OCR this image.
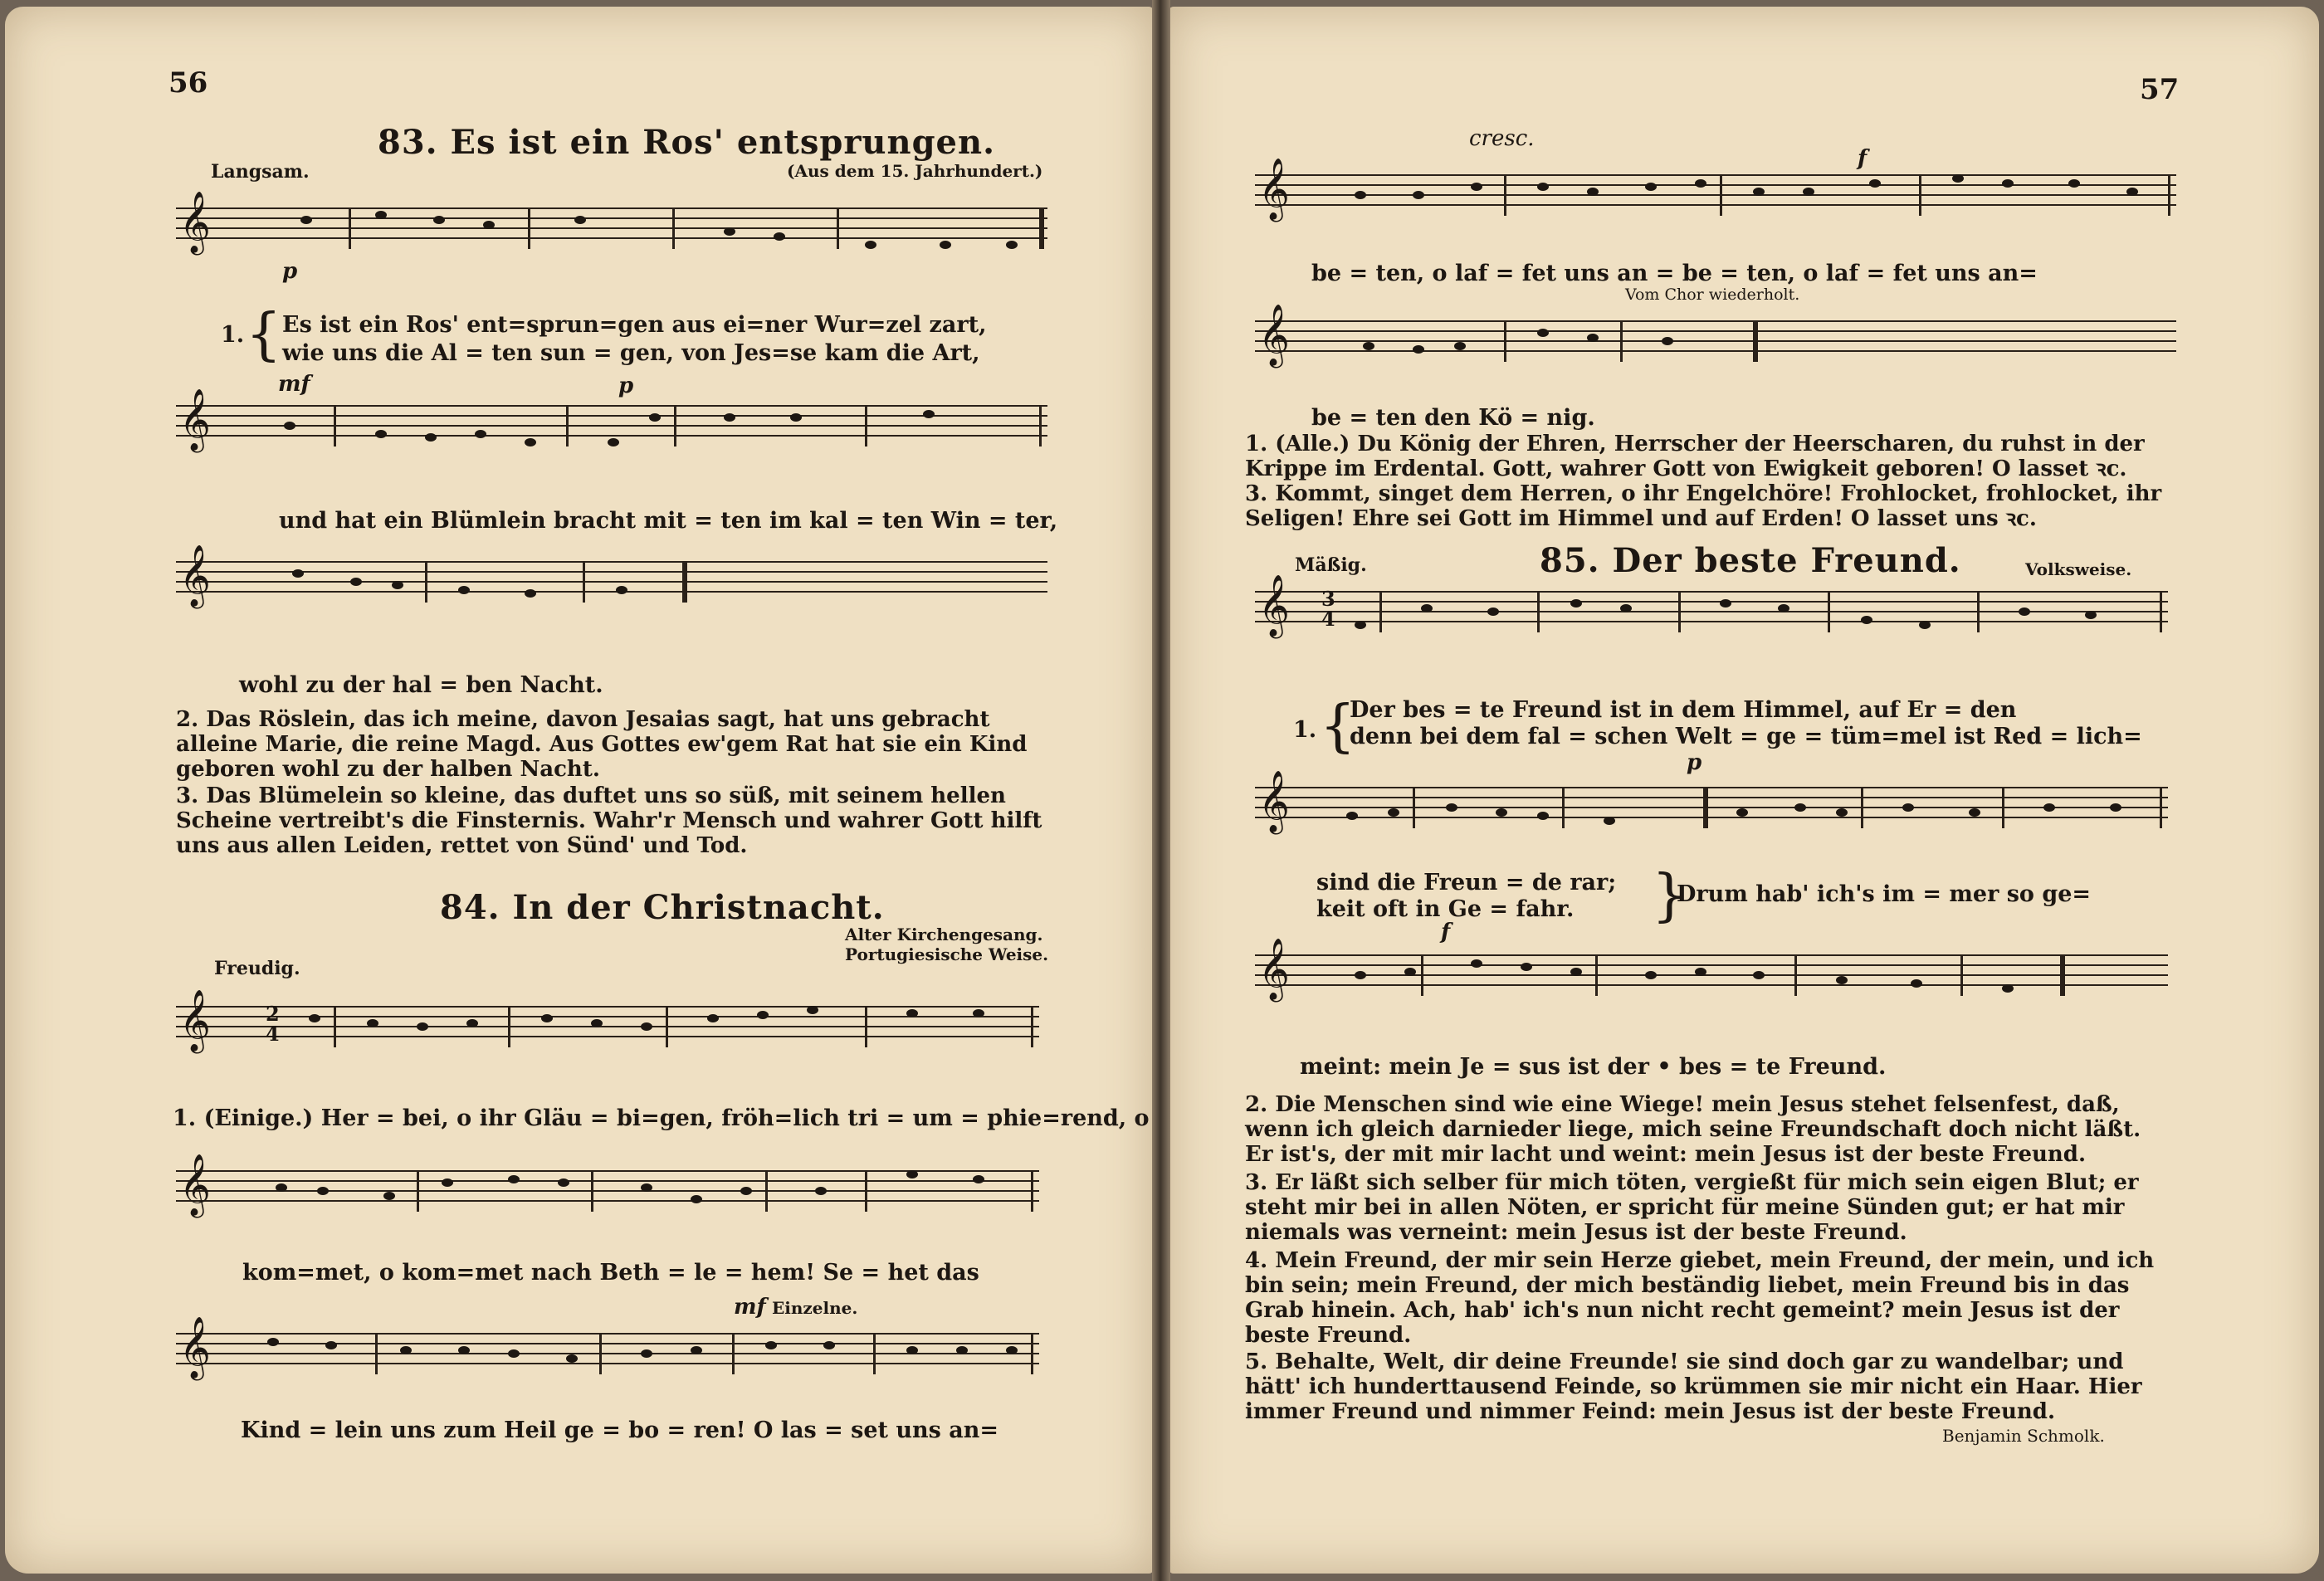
56
83. Es ist ein Ros' entsprungen.
Langsam.	(Aus dem 15. Jahrhundert.)
𝄞
p
1. { Es ist ein Ros' ent=sprun=gen aus ei=ner Wur=zel zart,
wie uns die Al = ten sun = gen, von Jes=se kam die Art,
mf	p
𝄞
und hat ein Blümlein bracht mit = ten im kal = ten Win = ter,
𝄞
wohl zu der hal = ben Nacht.
2. Das Röslein, das ich meine, davon Jesaias sagt, hat uns gebracht alleine Marie, die reine Magd. Aus Gottes ew'gem Rat hat sie ein Kind geboren wohl zu der halben Nacht.
3. Das Blümelein so kleine, das duftet uns so süß, mit seinem hellen Scheine vertreibt's die Finsternis. Wahr'r Mensch und wahrer Gott hilft uns aus allen Leiden, rettet von Sünd' und Tod.
84. In der Christnacht.
Alter Kirchengesang.
Portugiesische Weise.
Freudig.
𝄞	2
4
1. (Einige.) Her = bei, o ihr Gläu = bi=gen, fröh=lich tri = um = phie=rend, o
𝄞
kom=met, o kom=met nach Beth = le = hem! Se = het das
mf Einzelne.
𝄞
Kind = lein uns zum Heil ge = bo = ren! O las = set uns an=
57
cresc.
f
𝄞
be = ten, o laf = fet uns an = be = ten, o laf = fet uns an=
Vom Chor wiederholt.
𝄞
be = ten den Kö = nig.
1. (Alle.) Du König der Ehren, Herrscher der Heerscharen, du ruhst in der Krippe im Erdental. Gott, wahrer Gott von Ewigkeit geboren! O lasset ꝛc.
3. Kommt, singet dem Herren, o ihr Engelchöre! Frohlocket, frohlocket, ihr Seligen! Ehre sei Gott im Himmel und auf Erden! O lasset uns ꝛc.
Mäßig.	85. Der beste Freund.	Volksweise.
𝄞 3
4
1. {
Der bes = te Freund ist in dem Himmel, auf Er = den
denn bei dem fal = schen Welt = ge = tüm=mel ist Red = lich=
p
𝄞
sind die Freun = de rar;
keit oft in Ge = fahr. }
Drum hab' ich's im = mer so ge=
f
𝄞
meint: mein Je = sus ist der • bes = te Freund.
2. Die Menschen sind wie eine Wiege! mein Jesus stehet felsenfest, daß, wenn ich gleich darnieder liege, mich seine Freundschaft doch nicht läßt. Er ist's, der mit mir lacht und weint: mein Jesus ist der beste Freund.
3. Er läßt sich selber für mich töten, vergießt für mich sein eigen Blut; er steht mir bei in allen Nöten, er spricht für meine Sünden gut; er hat mir niemals was verneint: mein Jesus ist der beste Freund.
4. Mein Freund, der mir sein Herze giebet, mein Freund, der mein, und ich bin sein; mein Freund, der mich beständig liebet, mein Freund bis in das Grab hinein. Ach, hab' ich's nun nicht recht gemeint? mein Jesus ist der beste Freund.
5. Behalte, Welt, dir deine Freunde! sie sind doch gar zu wandelbar; und hätt' ich hunderttausend Feinde, so krümmen sie mir nicht ein Haar. Hier immer Freund und nimmer Feind: mein Jesus ist der beste Freund.
Benjamin Schmolk.
